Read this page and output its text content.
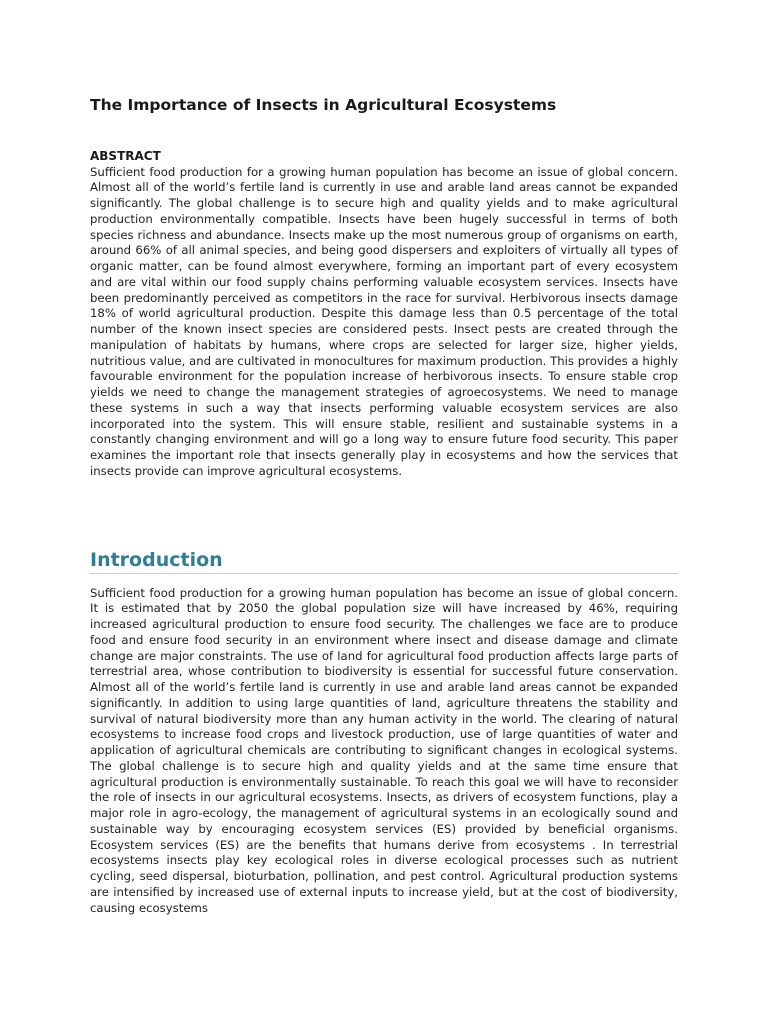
The Importance of Insects in Agricultural Ecosystems
ABSTRACT

Sufficient food production for a growing human population has become an issue of global concern. Almost all of the world’s fertile land is currently in use and arable land areas cannot be expanded significantly. The global challenge is to secure high and quality yields and to make agricultural production environmentally compatible. Insects have been hugely successful in terms of both species richness and abundance. Insects make up the most numerous group of organisms on earth, around 66% of all animal species, and being good dispersers and exploiters of virtually all types of organic matter, can be found almost everywhere, forming an important part of every ecosystem and are vital within our food supply chains performing valuable ecosystem services. Insects have been predominantly perceived as competitors in the race for survival. Herbivorous insects damage 18% of world agricultural production. Despite this damage less than 0.5 percentage of the total number of the known insect species are considered pests. Insect pests are created through the manipulation of habitats by humans, where crops are selected for larger size, higher yields, nutritious value, and are cultivated in monocultures for maximum production. This provides a highly favourable environment for the population increase of herbivorous insects. To ensure stable crop yields we need to change the management strategies of agroecosystems. We need to manage these systems in such a way that insects performing valuable ecosystem services are also incorporated into the system. This will ensure stable, resilient and sustainable systems in a constantly changing environment and will go a long way to ensure future food security. This paper examines the important role that insects generally play in ecosystems and how the services that insects provide can improve agricultural ecosystems.

Introduction

Sufficient food production for a growing human population has become an issue of global concern. It is estimated that by 2050 the global population size will have increased by 46%, requiring increased agricultural production to ensure food security. The challenges we face are to produce food and ensure food security in an environment where insect and disease damage and climate change are major constraints. The use of land for agricultural food production affects large parts of terrestrial area, whose contribution to biodiversity is essential for successful future conservation. Almost all of the world’s fertile land is currently in use and arable land areas cannot be expanded significantly. In addition to using large quantities of land, agriculture threatens the stability and survival of natural biodiversity more than any human activity in the world. The clearing of natural ecosystems to increase food crops and livestock production, use of large quantities of water and application of agricultural chemicals are contributing to significant changes in ecological systems. The global challenge is to secure high and quality yields and at the same time ensure that agricultural production is environmentally sustainable. To reach this goal we will have to reconsider the role of insects in our agricultural ecosystems. Insects, as drivers of ecosystem functions, play a major role in agro-ecology, the management of agricultural systems in an ecologically sound and sustainable way by encouraging ecosystem services (ES) provided by beneficial organisms. Ecosystem services (ES) are the benefits that humans derive from ecosystems . In terrestrial ecosystems insects play key ecological roles in diverse ecological processes such as nutrient cycling, seed dispersal, bioturbation, pollination, and pest control. Agricultural production systems are intensified by increased use of external inputs to increase yield, but at the cost of biodiversity, causing ecosystems
